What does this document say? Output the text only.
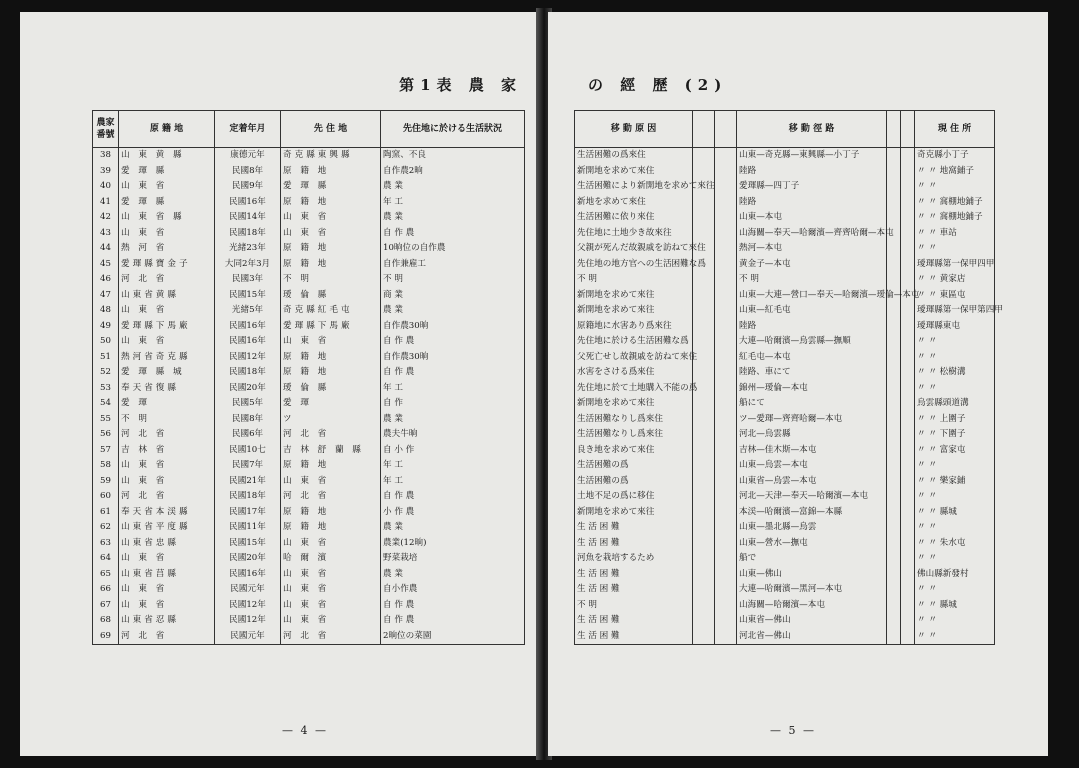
第1表 農 家
農家番號	原 籍 地	定着年月	先 住 地	先住地に於ける生活狀況
38	山 東 黄 縣	康德元年	奇克縣東興縣	陶窯、不良
39	愛 琿 縣	民國8年	原 籍 地	自作農2晌
40	山 東 省	民國9年	愛 琿 縣	農 業
41	愛 琿 縣	民國16年	原 籍 地	年 工
42	山 東 省 縣	民國14年	山 東 省	農 業
43	山 東 省	民國18年	山 東 省	自 作 農
44	熱 河 省	光緒23年	原 籍 地	10晌位の自作農
45	愛琿縣寶金子	大同2年3月	原 籍 地	自作兼雇工
46	河 北 省	民國3年	不 明	不 明
47	山東省黄縣	民國15年	瑷 倫 縣	商 業
48	山 東 省	光緒5年	奇克縣紅毛屯	農 業
49	愛琿縣下馬廠	民國16年	愛琿縣下馬廠	自作農30晌
50	山 東 省	民國16年	山 東 省	自 作 農
51	熱河省奇克縣	民國12年	原 籍 地	自作農30晌
52	愛 琿 縣 城	民國18年	原 籍 地	自 作 農
53	奉天省復縣	民國20年	瑷 倫 縣	年 工
54	愛 琿	民國5年	愛 琿	自 作
55	不 明	民國8年	ツ	農 業
56	河 北 省	民國6年	河 北 省	農夫牛晌
57	吉 林 省	民國10七	吉 林 舒 蘭 縣	自 小 作
58	山 東 省	民國7年	原 籍 地	年 工
59	山 東 省	民國21年	山 東 省	年 工
60	河 北 省	民國18年	河 北 省	自 作 農
61	奉天省本渓縣	民國17年	原 籍 地	小 作 農
62	山東省平度縣	民國11年	原 籍 地	農 業
63	山東省忠縣	民國15年	山 東 省	農業(12晌)
64	山 東 省	民國20年	哈 爾 濱	野菜栽培
65	山東省莒縣	民國16年	山 東 省	農 業
66	山 東 省	民國元年	山 東 省	自小作農
67	山 東 省	民國12年	山 東 省	自 作 農
68	山東省忍縣	民國12年	山 東 省	自 作 農
69	河 北 省	民國元年	河 北 省	2晌位の菜園
— 4 —
の 經 歷 (2)
移 動 原 因			移 動 徑 路			現 住 所
生活困難の爲來住			山東—奇克縣—東興縣—小丁子			奇克縣小丁子
新開地を求めて來住			陸路			〃 〃 地窩鋪子
生活困難により新開地を求めて來往			愛琿縣—四丁子			〃 〃
新地を求めて來住			陸路			〃 〃 窩棚地鋪子
生活困難に依り來住			山東—本屯			〃 〃 窩棚地鋪子
先住地に土地少き故來往			山海關—奉天—哈爾濱—齊齊哈爾—本屯			〃 〃 車站
父親が死んだ故親戚を訪ねて來住			熱河—本屯			〃 〃
先住地の地方官への生活困難な爲			黄金子—本屯			璦琿縣第一保甲四甲
不 明			不 明			〃 〃 黄家店
新開地を求めて來往			山東—大連—營口—奉天—哈爾濱—瑷倫—本屯			〃 〃 東區屯
新開地を求めて來往			山東—紅毛屯			璦琿縣第一保甲第四甲
原籍地に水害あり爲來往			陸路			璦琿縣東屯
先住地に於ける生活困難な爲			大連—哈爾濱—烏雲縣—撫順			〃 〃
父死亡せし故親戚を訪ねて來住			紅毛屯—本屯			〃 〃
水害をさける爲來住			陸路、車にて			〃 〃 松樹溝
先住地に於て土地購入不能の爲			錦州—瑷倫—本屯			〃 〃
新開地を求めて來往			船にて			烏雲縣頭道溝
生活困難なりし爲來住			ツ—愛琿—齊齊哈爾—本屯			〃 〃 上圍子
生活困難なりし爲來往			河北—烏雲縣			〃 〃 下圍子
良き地を求めて來住			吉林—佳木斯—本屯			〃 〃 富家屯
生活困難の爲			山東—烏雲—本屯			〃 〃
生活困難の爲			山東省—烏雲—本屯			〃 〃 樂家鋪
土地不足の爲に移住			河北—天津—奉天—哈爾濱—本屯			〃 〃
新開地を求めて來往			本渓—哈爾濱—富錦—本縣			〃 〃 縣城
生 活 困 難			山東—墨北縣—烏雲			〃 〃
生 活 困 難			山東—營水—撫屯			〃 〃 朱水屯
河魚を栽培するため			船で			〃 〃
生 活 困 難			山東—佛山			佛山縣新發村
生 活 困 難			大連—哈爾濱—黑河—本屯			〃 〃
不 明			山海關—哈爾濱—本屯			〃 〃 縣城
生 活 困 難			山東省—佛山			〃 〃
生 活 困 難			河北省—佛山			〃 〃
— 5 —
